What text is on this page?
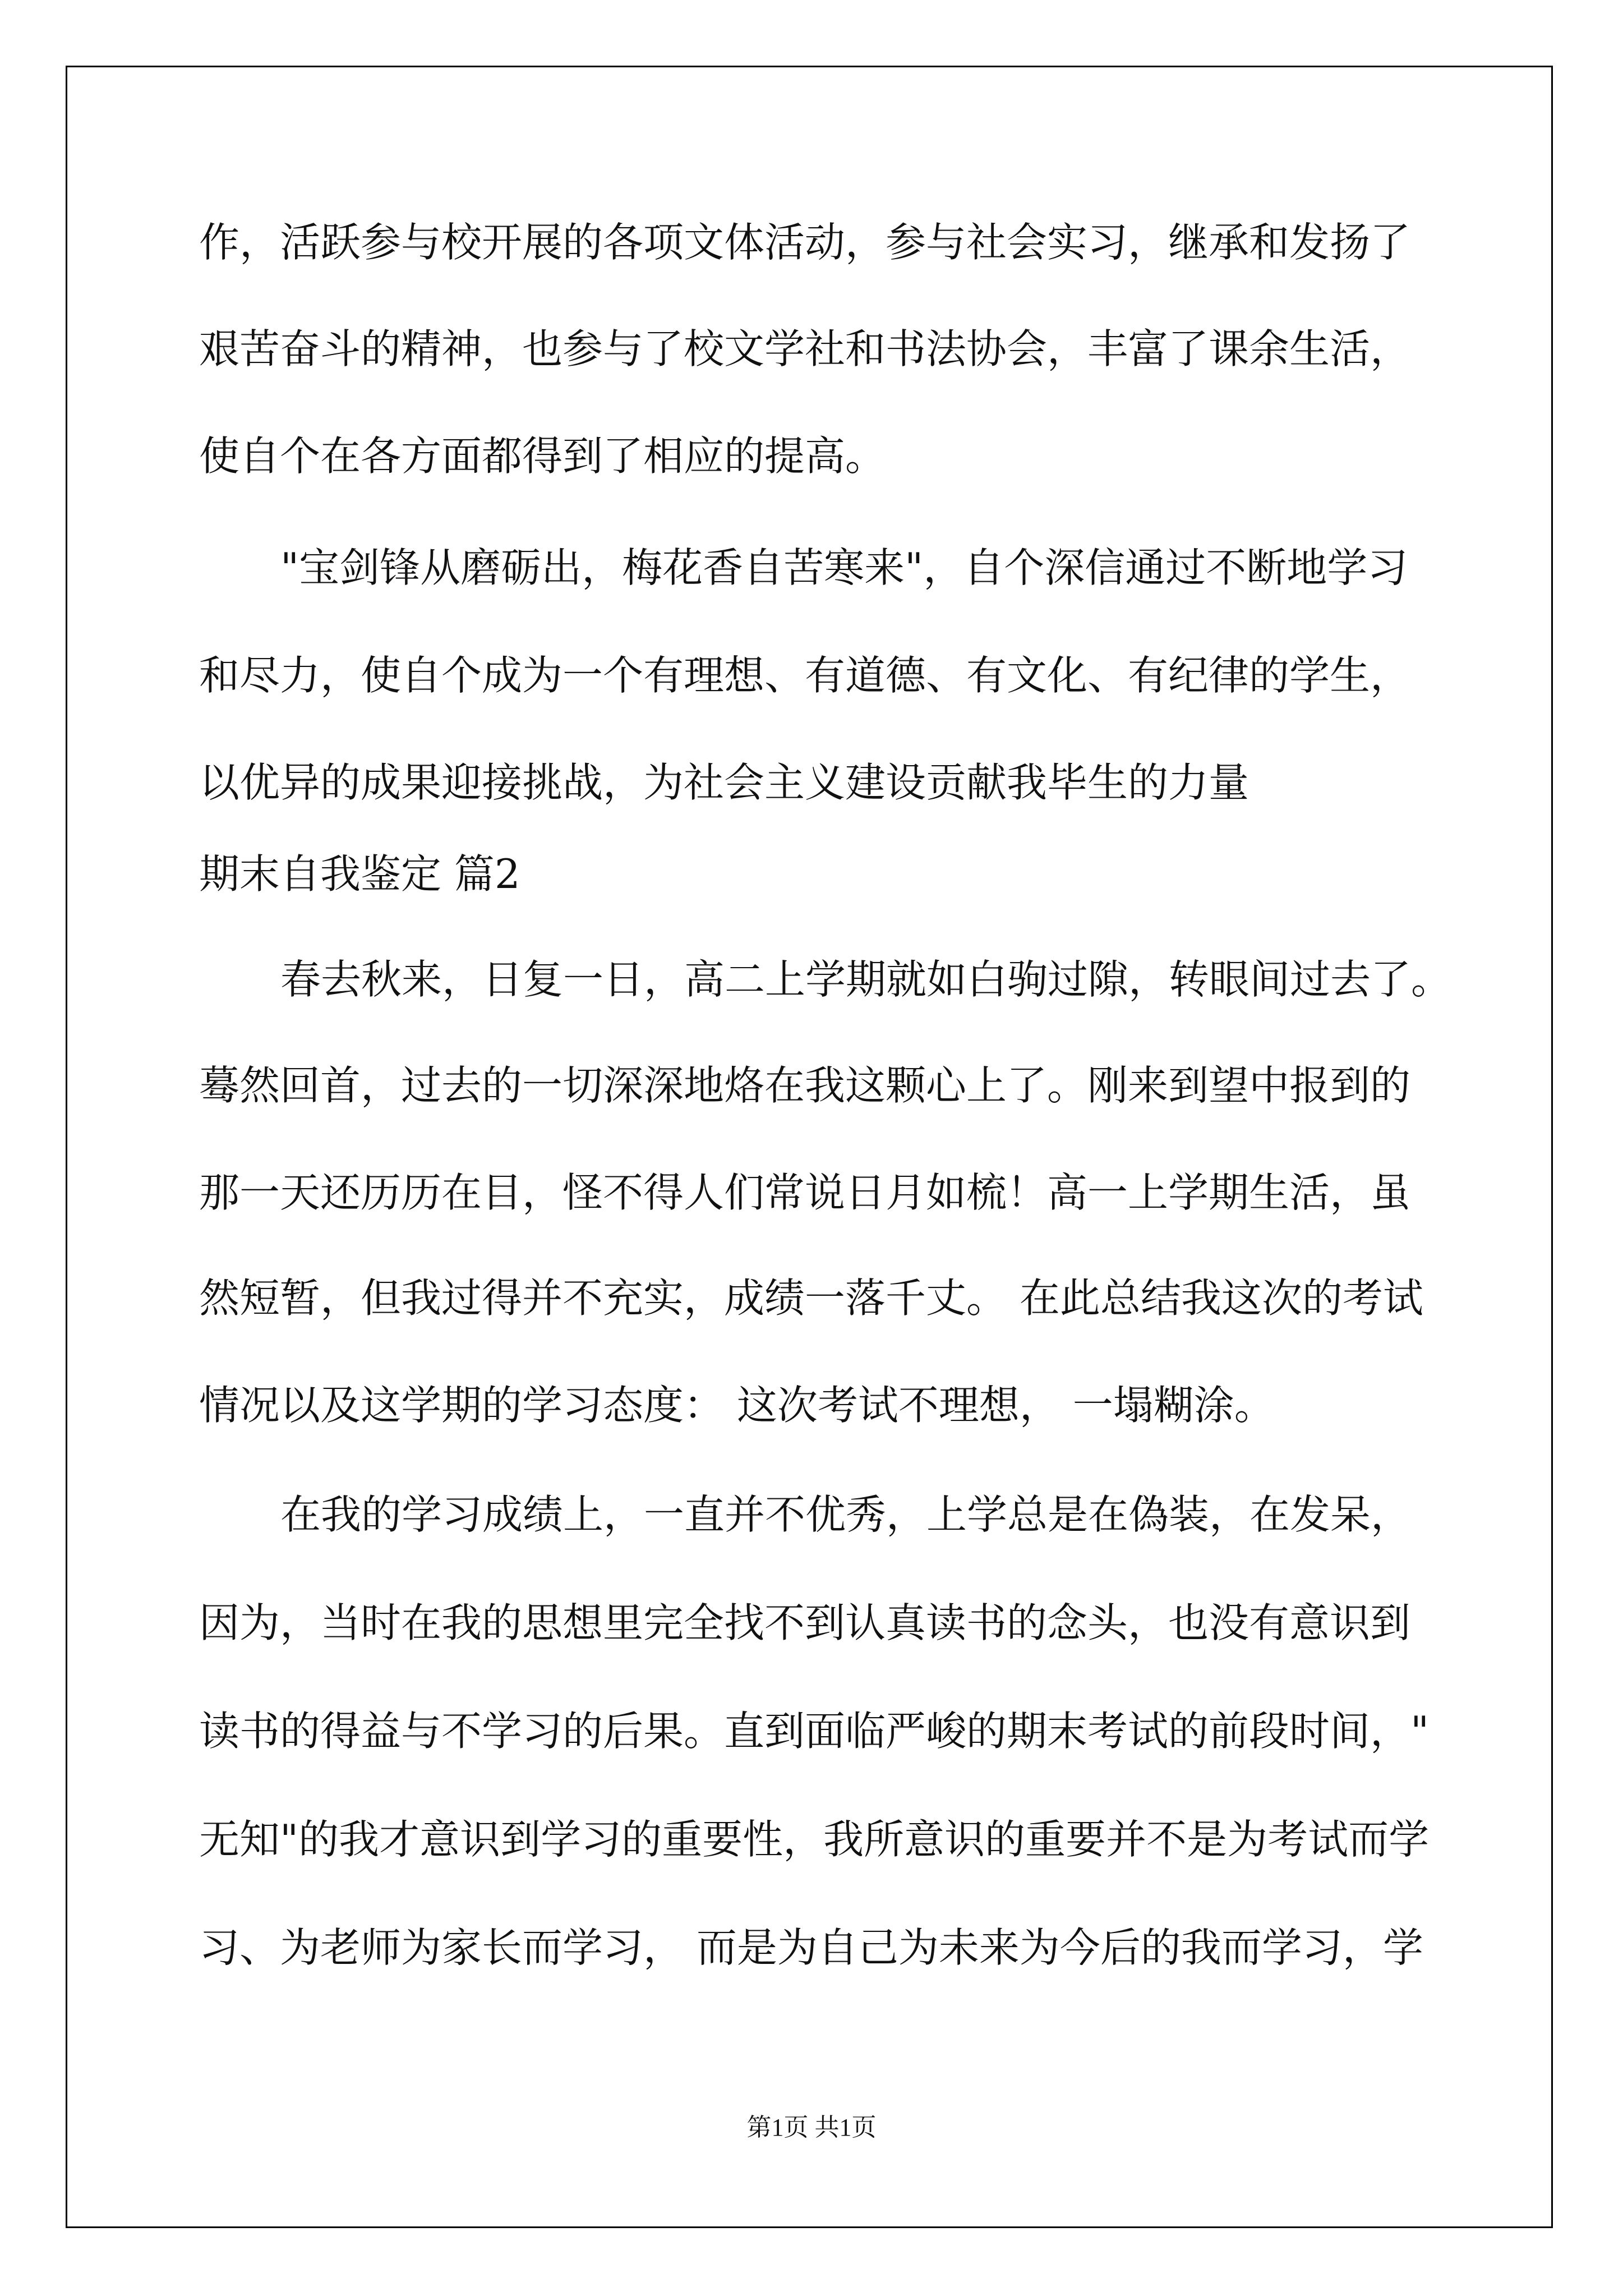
作，活跃参与校开展的各项文体活动，参与社会实习，继承和发扬了

艰苦奋斗的精神，也参与了校文学社和书法协会，丰富了课余生活，

使自个在各方面都得到了相应的提高。

"宝剑锋从磨砺出，梅花香自苦寒来"，自个深信通过不断地学习

和尽力，使自个成为一个有理想、有道德、有文化、有纪律的学生，

以优异的成果迎接挑战，为社会主义建设贡献我毕生的力量

期末自我鉴定 篇2

春去秋来，日复一日，高二上学期就如白驹过隙，转眼间过去了。

蓦然回首，过去的一切深深地烙在我这颗心上了。刚来到望中报到的

那一天还历历在目，怪不得人们常说日月如梳！高一上学期生活，虽

然短暂，但我过得并不充实，成绩一落千丈。 在此总结我这次的考试

情况以及这学期的学习态度： 这次考试不理想， 一塌糊涂。

在我的学习成绩上，一直并不优秀，上学总是在偽装，在发呆，

因为，当时在我的思想里完全找不到认真读书的念头，也没有意识到

读书的得益与不学习的后果。直到面临严峻的期末考试的前段时间，"

无知"的我才意识到学习的重要性，我所意识的重要并不是为考试而学

习、为老师为家长而学习， 而是为自己为未来为今后的我而学习，学

第1页 共1页
